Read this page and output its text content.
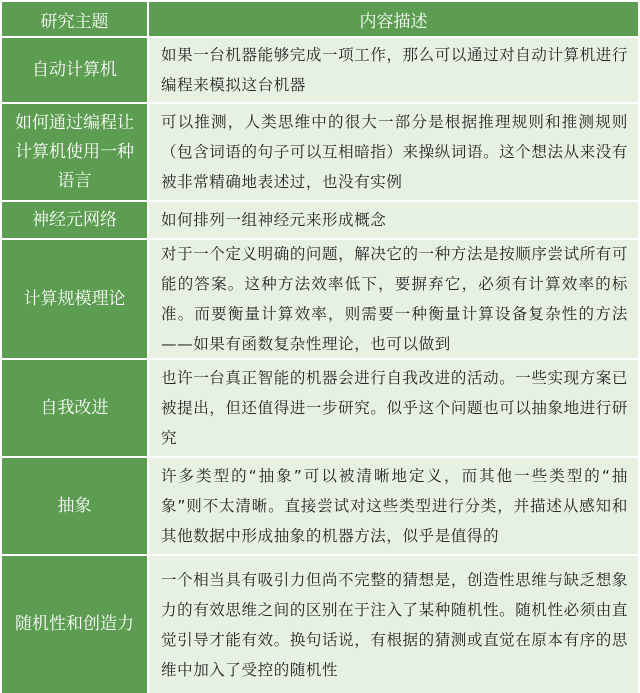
研究主题	内容描述
自动计算机
如果一台机器能够完成一项工作，那么可以通过对自动计算机进行编程来模拟这台机器
如何通过编程让计算机使用一种语言
可以推测，人类思维中的很大一部分是根据推理规则和推测规则（包含词语的句子可以互相暗指）来操纵词语。这个想法从来没有被非常精确地表述过，也没有实例
神经元网络	如何排列一组神经元来形成概念
计算规模理论
对于一个定义明确的问题，解决它的一种方法是按顺序尝试所有可能的答案。这种方法效率低下，要摒弃它，必须有计算效率的标准。而要衡量计算效率，则需要一种衡量计算设备复杂性的方法——如果有函数复杂性理论，也可以做到
自我改进
也许一台真正智能的机器会进行自我改进的活动。一些实现方案已被提出，但还值得进一步研究。似乎这个问题也可以抽象地进行研究
抽象
许多类型的“抽象”可以被清晰地定义，而其他一些类型的“抽象”则不太清晰。直接尝试对这些类型进行分类，并描述从感知和其他数据中形成抽象的机器方法，似乎是值得的
随机性和创造力
一个相当具有吸引力但尚不完整的猜想是，创造性思维与缺乏想象力的有效思维之间的区别在于注入了某种随机性。随机性必须由直觉引导才能有效。换句话说，有根据的猜测或直觉在原本有序的思维中加入了受控的随机性
